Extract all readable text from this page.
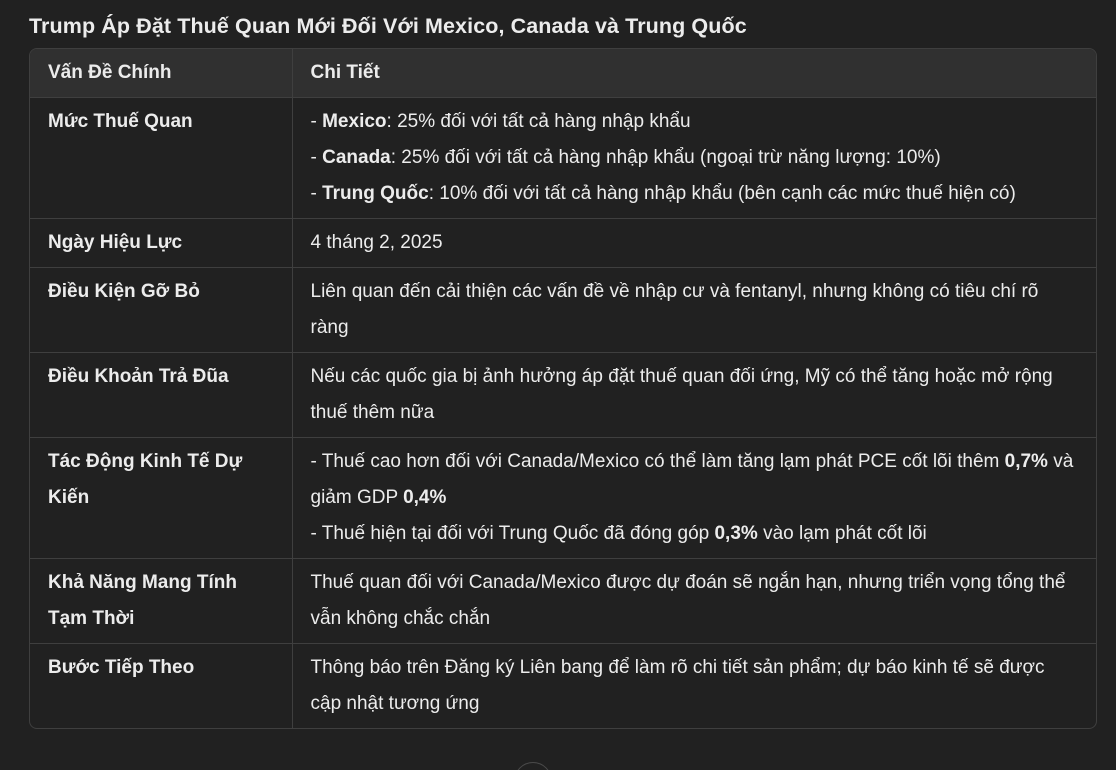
Trump Áp Đặt Thuế Quan Mới Đối Với Mexico, Canada và Trung Quốc
Vấn Đề Chính	Chi Tiết
Mức Thuế Quan	- Mexico: 25% đối với tất cả hàng nhập khẩu
- Canada: 25% đối với tất cả hàng nhập khẩu (ngoại trừ năng lượng: 10%)
- Trung Quốc: 10% đối với tất cả hàng nhập khẩu (bên cạnh các mức thuế hiện có)

Ngày Hiệu Lực	4 tháng 2, 2025
Điều Kiện Gỡ Bỏ	Liên quan đến cải thiện các vấn đề về nhập cư và fentanyl, nhưng không có tiêu chí rõ ràng
Điều Khoản Trả Đũa	Nếu các quốc gia bị ảnh hưởng áp đặt thuế quan đối ứng, Mỹ có thể tăng hoặc mở rộng thuế thêm nữa
Tác Động Kinh Tế Dự Kiến	- Thuế cao hơn đối với Canada/Mexico có thể làm tăng lạm phát PCE cốt lõi thêm 0,7% và giảm GDP 0,4%
- Thuế hiện tại đối với Trung Quốc đã đóng góp 0,3% vào lạm phát cốt lõi

Khả Năng Mang Tính Tạm Thời	Thuế quan đối với Canada/Mexico được dự đoán sẽ ngắn hạn, nhưng triển vọng tổng thể vẫn không chắc chắn
Bước Tiếp Theo	Thông báo trên Đăng ký Liên bang để làm rõ chi tiết sản phẩm; dự báo kinh tế sẽ được cập nhật tương ứng
